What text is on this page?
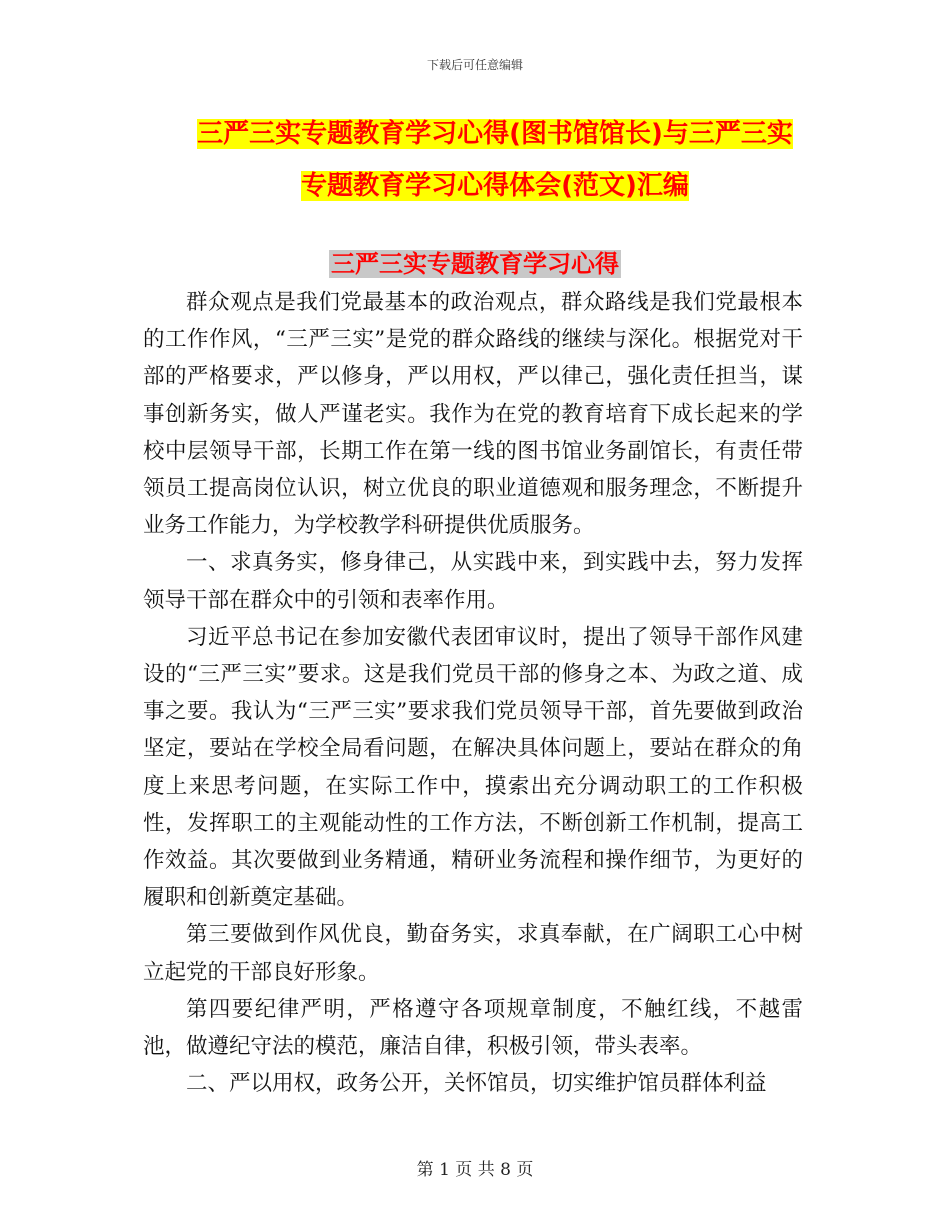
下载后可任意编辑
三严三实专题教育学习心得(图书馆馆长)与三严三实
专题教育学习心得体会(范文)汇编
三严三实专题教育学习心得

群众观点是我们党最基本的政治观点，群众路线是我们党最根本的工作作风，“三严三实”是党的群众路线的继续与深化。根据党对干部的严格要求，严以修身，严以用权，严以律己，强化责任担当，谋事创新务实，做人严谨老实。我作为在党的教育培育下成长起来的学校中层领导干部，长期工作在第一线的图书馆业务副馆长，有责任带领员工提高岗位认识，树立优良的职业道德观和服务理念，不断提升业务工作能力，为学校教学科研提供优质服务。

一、求真务实，修身律己，从实践中来，到实践中去，努力发挥领导干部在群众中的引领和表率作用。

习近平总书记在参加安徽代表团审议时，提出了领导干部作风建设的“三严三实”要求。这是我们党员干部的修身之本、为政之道、成事之要。我认为“三严三实”要求我们党员领导干部，首先要做到政治坚定，要站在学校全局看问题，在解决具体问题上，要站在群众的角度上来思考问题，在实际工作中，摸索出充分调动职工的工作积极性，发挥职工的主观能动性的工作方法，不断创新工作机制，提高工作效益。其次要做到业务精通，精研业务流程和操作细节，为更好的履职和创新奠定基础。

第三要做到作风优良，勤奋务实，求真奉献，在广阔职工心中树立起党的干部良好形象。

第四要纪律严明，严格遵守各项规章制度，不触红线，不越雷池，做遵纪守法的模范，廉洁自律，积极引领，带头表率。

二、严以用权，政务公开，关怀馆员，切实维护馆员群体利益

第 1 页 共 8 页
